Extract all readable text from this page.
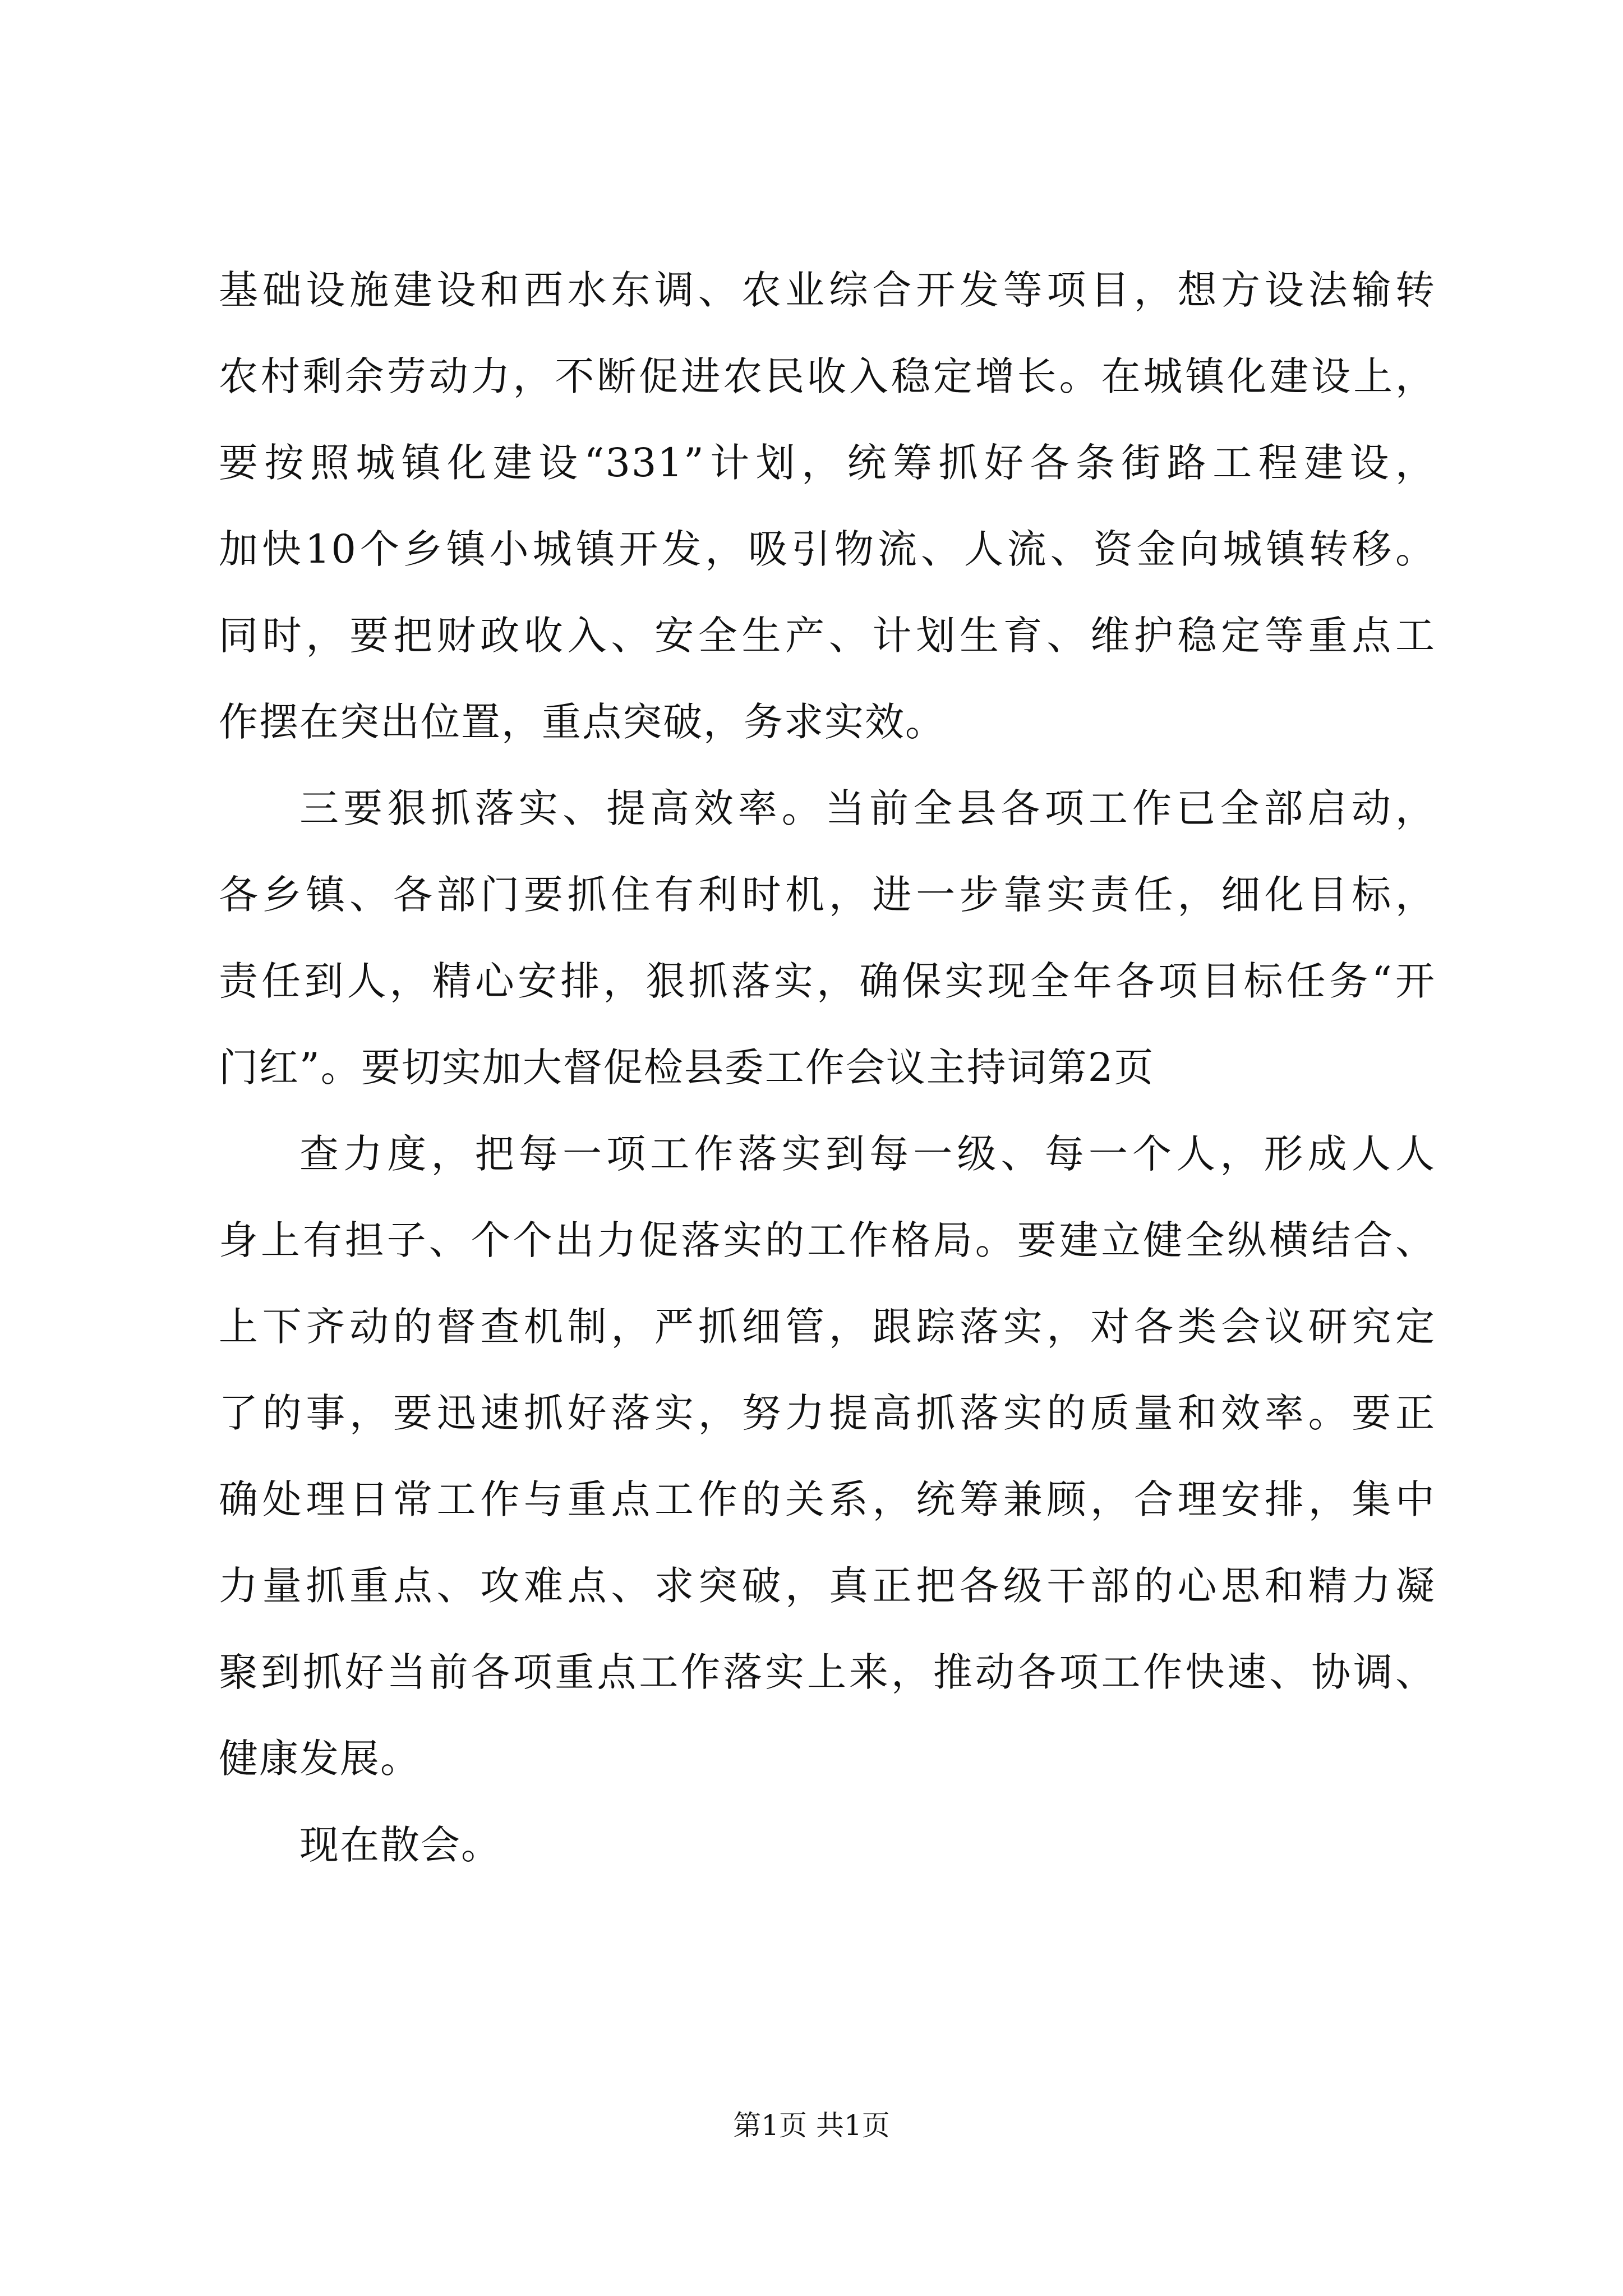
基础设施建设和西水东调、农业综合开发等项目，想方设法输转
农村剩余劳动力，不断促进农民收入稳定增长。在城镇化建设上，
要按照城镇化建设“331”计划，统筹抓好各条街路工程建设，
加快10个乡镇小城镇开发，吸引物流、人流、资金向城镇转移。
同时，要把财政收入、安全生产、计划生育、维护稳定等重点工
作摆在突出位置，重点突破，务求实效。
三要狠抓落实、提高效率。当前全县各项工作已全部启动，
各乡镇、各部门要抓住有利时机，进一步靠实责任，细化目标，
责任到人，精心安排，狠抓落实，确保实现全年各项目标任务“开
门红”。要切实加大督促检县委工作会议主持词第2页
查力度，把每一项工作落实到每一级、每一个人，形成人人
身上有担子、个个出力促落实的工作格局。要建立健全纵横结合、
上下齐动的督查机制，严抓细管，跟踪落实，对各类会议研究定
了的事，要迅速抓好落实，努力提高抓落实的质量和效率。要正
确处理日常工作与重点工作的关系，统筹兼顾，合理安排，集中
力量抓重点、攻难点、求突破，真正把各级干部的心思和精力凝
聚到抓好当前各项重点工作落实上来，推动各项工作快速、协调、
健康发展。
现在散会。
第1页 共1页
